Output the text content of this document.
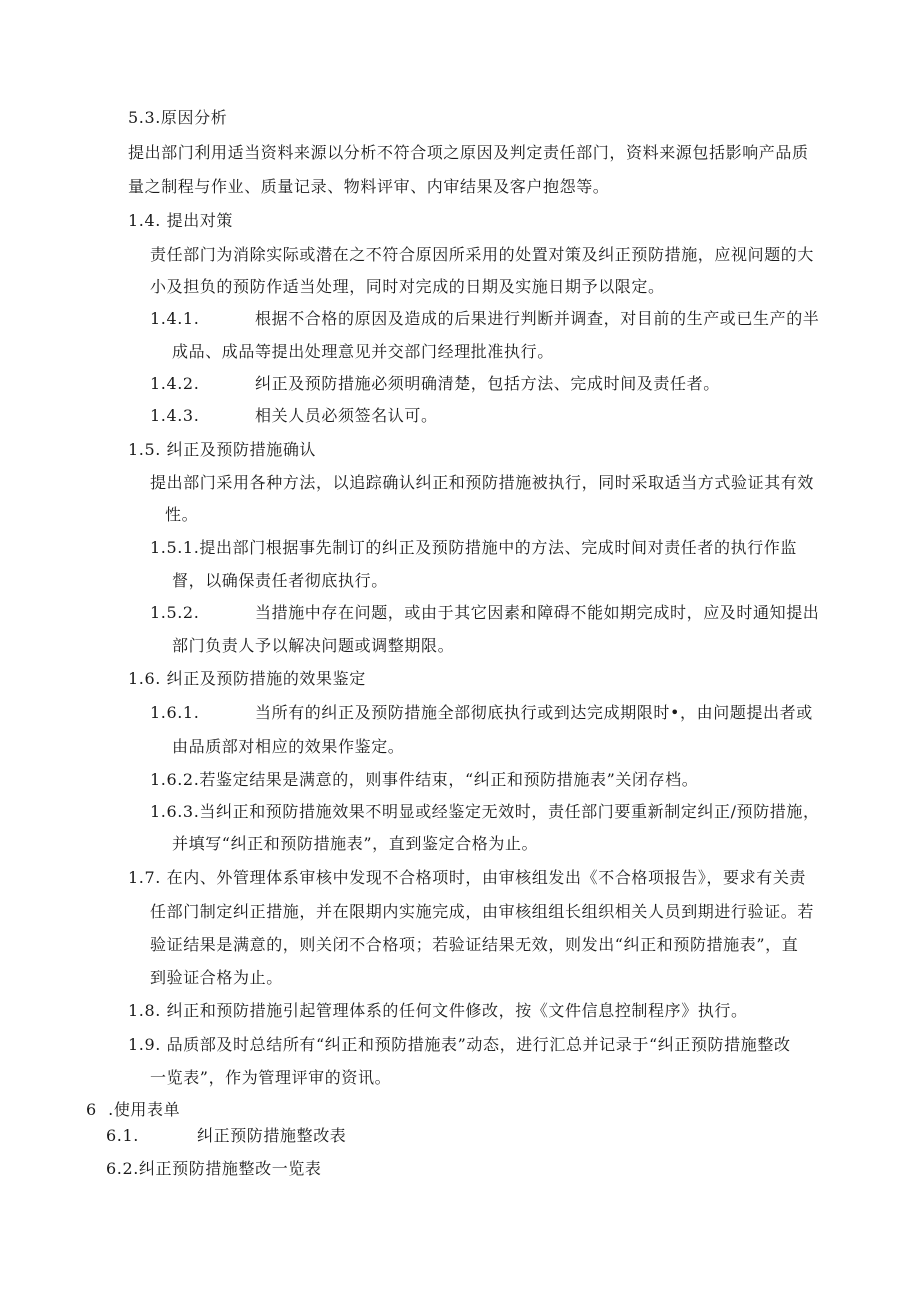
5.3.原因分析
提出部门利用适当资料来源以分析不符合项之原因及判定责任部门，资料来源包括影响产品质
量之制程与作业、质量记录、物料评审、内审结果及客户抱怨等。
1.4. 提出对策
责任部门为消除实际或潜在之不符合原因所采用的处置对策及纠正预防措施，应视问题的大
小及担负的预防作适当处理，同时对完成的日期及实施日期予以限定。
1.4.1.	根据不合格的原因及造成的后果进行判断并调查，对目前的生产或已生产的半
成品、成品等提出处理意见并交部门经理批准执行。
1.4.2.	纠正及预防措施必须明确清楚，包括方法、完成时间及责任者。
1.4.3.	相关人员必须签名认可。
1.5. 纠正及预防措施确认
提出部门采用各种方法，以追踪确认纠正和预防措施被执行，同时采取适当方式验证其有效
性。
1.5.1.提出部门根据事先制订的纠正及预防措施中的方法、完成时间对责任者的执行作监
督，以确保责任者彻底执行。
1.5.2.	当措施中存在问题，或由于其它因素和障碍不能如期完成时，应及时通知提出
部门负责人予以解决问题或调整期限。
1.6. 纠正及预防措施的效果鉴定
1.6.1.	当所有的纠正及预防措施全部彻底执行或到达完成期限时•，由问题提出者或
由品质部对相应的效果作鉴定。
1.6.2.若鉴定结果是满意的，则事件结束，“纠正和预防措施表”关闭存档。
1.6.3.当纠正和预防措施效果不明显或经鉴定无效时，责任部门要重新制定纠正/预防措施，
并填写“纠正和预防措施表”，直到鉴定合格为止。
1.7. 在内、外管理体系审核中发现不合格项时，由审核组发出《不合格项报告》，要求有关责
任部门制定纠正措施，并在限期内实施完成，由审核组组长组织相关人员到期进行验证。若
验证结果是满意的，则关闭不合格项；若验证结果无效，则发出“纠正和预防措施表”，直
到验证合格为止。
1.8. 纠正和预防措施引起管理体系的任何文件修改，按《文件信息控制程序》执行。
1.9. 品质部及时总结所有“纠正和预防措施表”动态，进行汇总并记录于“纠正预防措施整改
一览表”，作为管理评审的资讯。
6  .使用表单
6.1.	纠正预防措施整改表
6.2.纠正预防措施整改一览表
